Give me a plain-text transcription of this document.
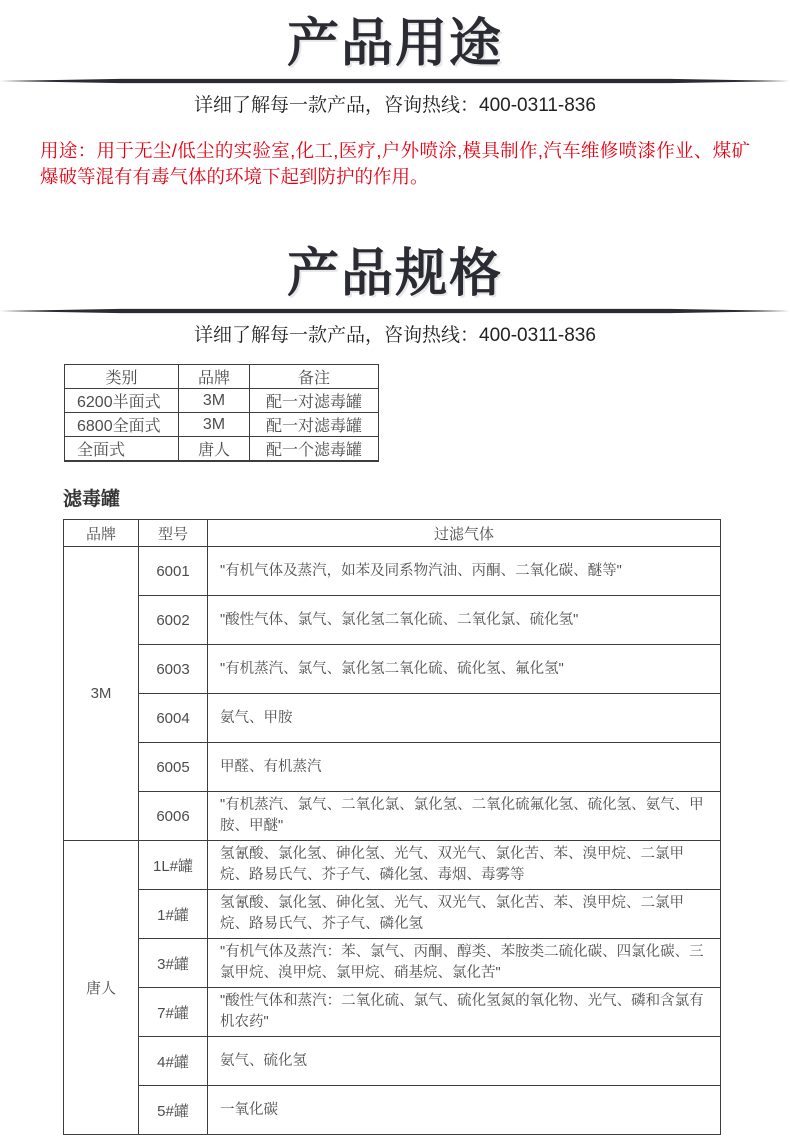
产品用途

详细了解每一款产品，咨询热线：400-0311-836

用途：用于无尘/低尘的实验室,化工,医疗,户外喷涂,模具制作,汽车维修喷漆作业、煤矿爆破等混有有毒气体的环境下起到防护的作用。

产品规格

详细了解每一款产品，咨询热线：400-0311-836

类别	品牌	备注
6200半面式	3M	配一对滤毒罐
6800全面式	3M	配一对滤毒罐
全面式	唐人	配一个滤毒罐
滤毒罐
品牌	型号	过滤气体
3M	6001	"有机气体及蒸汽，如苯及同系物汽油、丙酮、二氧化碳、醚等"
	6002	"酸性气体、氯气、氯化氢二氧化硫、二氧化氯、硫化氢"
	6003	"有机蒸汽、氯气、氯化氢二氧化硫、硫化氢、氟化氢"
	6004	氨气、甲胺
	6005	甲醛、有机蒸汽
	6006	"有机蒸汽、氯气、二氧化氯、氯化氢、二氧化硫氟化氢、硫化氢、氨气、甲胺、甲醚"
唐人	1L#罐	氢氰酸、氯化氢、砷化氢、光气、双光气、氯化苦、苯、溴甲烷、二氯甲烷、路易氏气、芥子气、磷化氢、毒烟、毒雾等
	1#罐	氢氰酸、氯化氢、砷化氢、光气、双光气、氯化苦、苯、溴甲烷、二氯甲烷、路易氏气、芥子气、磷化氢
	3#罐	"有机气体及蒸汽：苯、氯气、丙酮、醇类、苯胺类二硫化碳、四氯化碳、三氯甲烷、溴甲烷、氯甲烷、硝基烷、氯化苦"
	7#罐	"酸性气体和蒸汽：二氧化硫、氯气、硫化氢氮的氧化物、光气、磷和含氯有机农药"
	4#罐	氨气、硫化氢
	5#罐	一氧化碳
